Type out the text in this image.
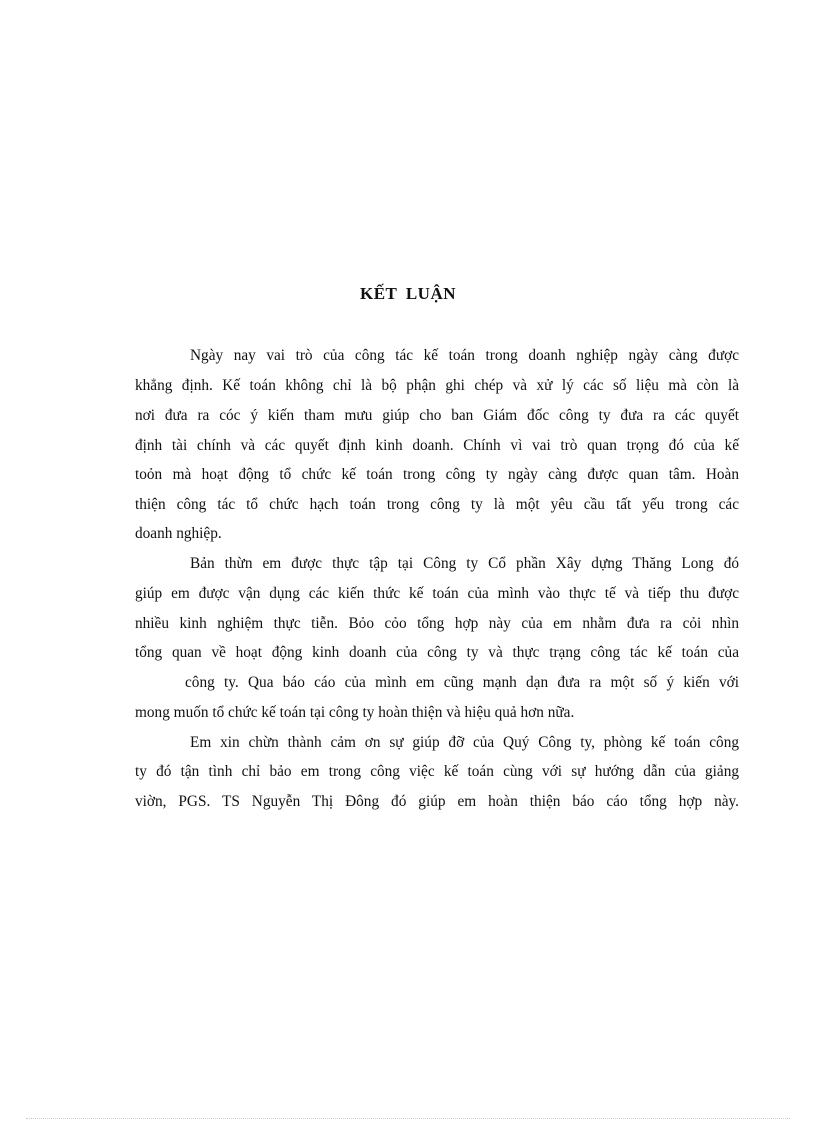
KẾT LUẬN
Ngày nay vai trò của công tác kế toán trong doanh nghiệp ngày càng được
khẳng định. Kế toán không chỉ là bộ phận ghi chép và xử lý các số liệu mà còn là
nơi đưa ra cóc ý kiến tham mưu giúp cho ban Giám đốc công ty đưa ra các quyết
định tài chính và các quyết định kinh doanh. Chính vì vai trò quan trọng đó của kế
toỏn mà hoạt động tổ chức kế toán trong công ty ngày càng được quan tâm. Hoàn
thiện công tác tổ chức hạch toán trong công ty là một yêu cầu tất yếu trong các
doanh nghiệp.
Bản thừn em được thực tập tại Công ty Cổ phần Xây dựng Thăng Long đó
giúp em được vận dụng các kiến thức kế toán của mình vào thực tế và tiếp thu được
nhiều kinh nghiệm thực tiễn. Bỏo cỏo tổng hợp này của em nhằm đưa ra cỏi nhìn
tổng quan về hoạt động kinh doanh của công ty và thực trạng công tác kế toán của
công ty. Qua báo cáo của mình em cũng mạnh dạn đưa ra một số ý kiến với
mong muốn tổ chức kế toán tại công ty hoàn thiện và hiệu quả hơn nữa.
Em xin chừn thành cảm ơn sự giúp đỡ của Quý Công ty, phòng kế toán công
ty đó tận tình chỉ bảo em trong công việc kế toán cùng với sự hướng dẫn của giảng
viờn, PGS. TS Nguyễn Thị Đông đó giúp em hoàn thiện báo cáo tổng hợp này.
